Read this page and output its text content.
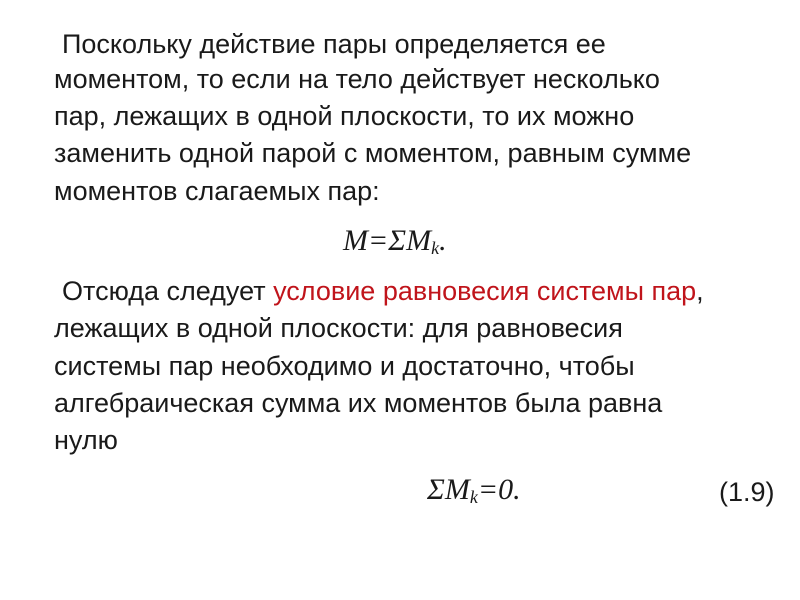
Поскольку действие пары определяется ее
моментом, то если на тело действует несколько
пар, лежащих в одной плоскости, то их можно
заменить одной парой с моментом, равным сумме
моментов слагаемых пар:
$M=\Sigma M_k$.
Отсюда следует условие равновесия системы пар,
лежащих в одной плоскости: для равновесия
системы пар необходимо и достаточно, чтобы
алгебраическая сумма их моментов была равна
нулю
$\Sigma M_k=0$.	(1.9)
